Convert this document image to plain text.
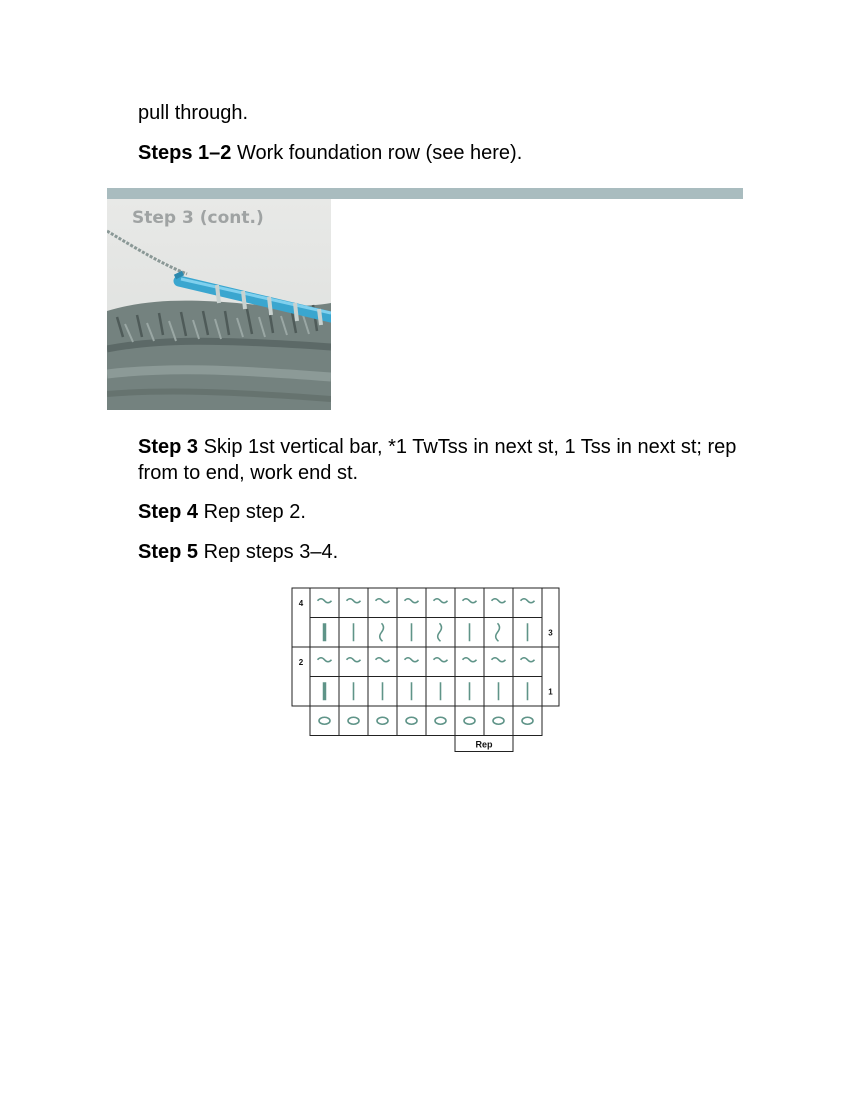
pull through.

Steps 1–2 Work foundation row (see here).

Step 3 (cont.)

Step 3 Skip 1st vertical bar, *1 TwTss in next st, 1 Tss in next st; rep from to end, work end st.

Step 4 Rep step 2.

Step 5 Rep steps 3–4.

Rep
4
3
2
1
